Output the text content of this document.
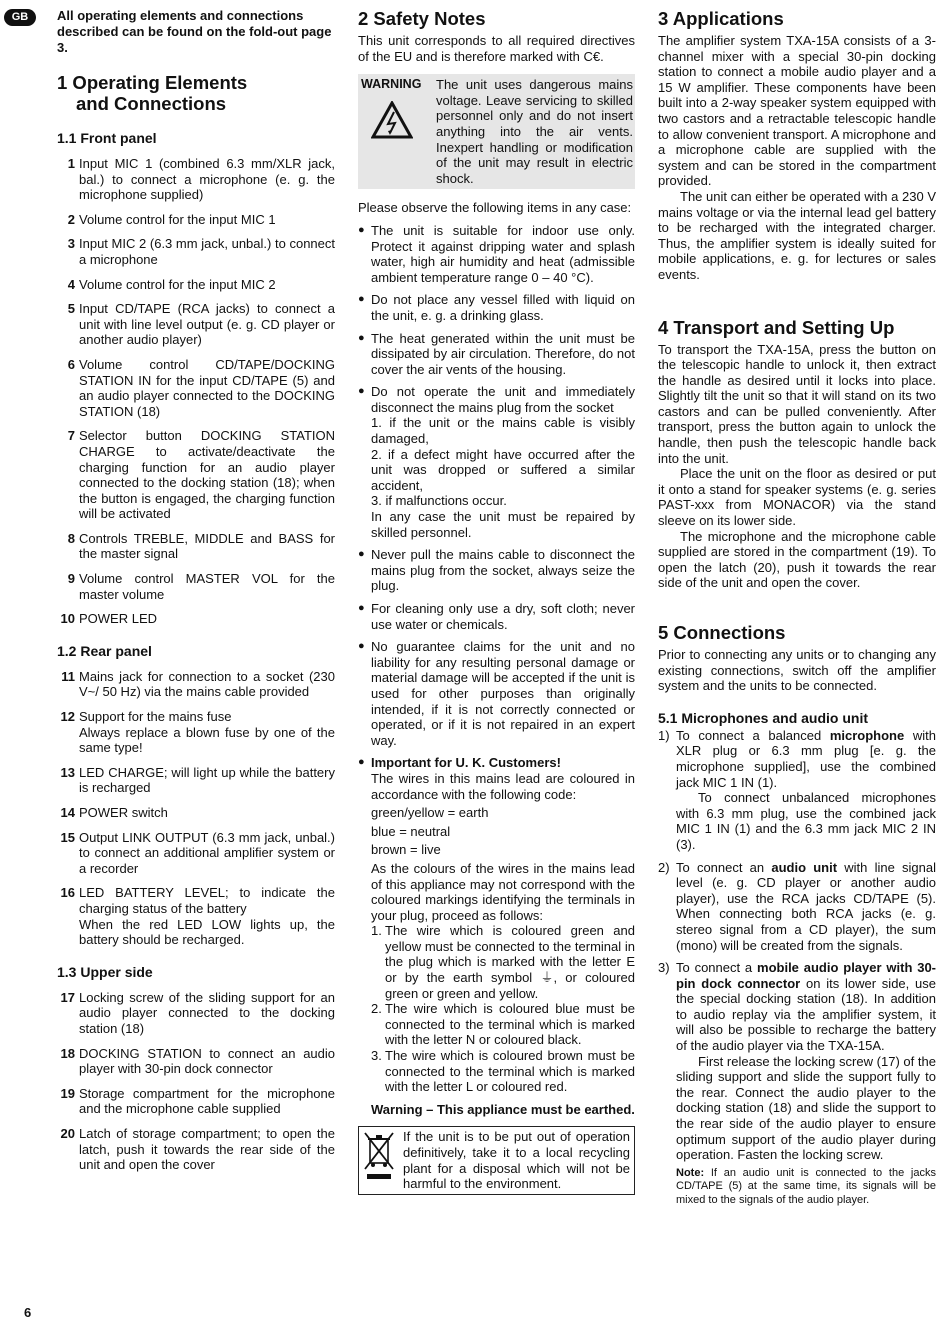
GB	All operating elements and connections described can be found on the fold-out page 3.
1 Operating Elements
and Connections
1.1 Front panel
1 Input MIC 1 (combined 6.3 mm/XLR jack, bal.) to connect a microphone (e. g. the microphone supplied)
2 Volume control for the input MIC 1
3 Input MIC 2 (6.3 mm jack, unbal.) to connect a microphone
4 Volume control for the input MIC 2
5 Input CD/TAPE (RCA jacks) to connect a unit with line level output (e. g. CD player or another audio player)
6 Volume control CD/TAPE/DOCKING STATION IN for the input CD/TAPE (5) and an audio player connected to the DOCKING STATION (18)
7 Selector button DOCKING STATION CHARGE to activate/deactivate the charging function for an audio player connected to the docking station (18); when the button is engaged, the charging function will be activated
8 Controls TREBLE, MIDDLE and BASS for the master signal
9 Volume control MASTER VOL for the master volume
10 POWER LED
1.2 Rear panel
11 Mains jack for connection to a socket (230 V~/ 50 Hz) via the mains cable provided
12 Support for the mains fuse
Always replace a blown fuse by one of the same type!
13 LED CHARGE; will light up while the battery is recharged
14 POWER switch
15 Output LINK OUTPUT (6.3 mm jack, unbal.) to connect an additional amplifier system or a recorder
16 LED BATTERY LEVEL; to indicate the charging status of the battery
When the red LED LOW lights up, the battery should be recharged.
1.3 Upper side
17 Locking screw of the sliding support for an audio player connected to the docking station (18)
18 DOCKING STATION to connect an audio player with 30-pin dock connector
19 Storage compartment for the microphone and the microphone cable supplied
20 Latch of storage compartment; to open the latch, push it towards the rear side of the unit and open the cover
2 Safety Notes

This unit corresponds to all required directives of the EU and is therefore marked with C€.

WARNING	The unit uses dangerous mains voltage. Leave servicing to skilled personnel only and do not insert anything into the air vents. Inexpert handling or modification of the unit may result in electric shock.

Please observe the following items in any case:

● The unit is suitable for indoor use only. Protect it against dripping water and splash water, high air humidity and heat (admissible ambient temperature range 0 – 40 °C).
● Do not place any vessel filled with liquid on the unit, e. g. a drinking glass.
● The heat generated within the unit must be dissipated by air circulation. Therefore, do not cover the air vents of the housing.
● Do not operate the unit and immediately disconnect the mains plug from the socket
1. if the unit or the mains cable is visibly damaged,
2. if a defect might have occurred after the unit was dropped or suffered a similar accident,
3. if malfunctions occur.
In any case the unit must be repaired by skilled personnel.
● Never pull the mains cable to disconnect the mains plug from the socket, always seize the plug.
● For cleaning only use a dry, soft cloth; never use water or chemicals.
● No guarantee claims for the unit and no liability for any resulting personal damage or material damage will be accepted if the unit is used for other purposes than originally intended, if it is not correctly connected or operated, or if it is not repaired in an expert way.
● Important for U. K. Customers!
The wires in this mains lead are coloured in accordance with the following code:
green/yellow = earth
blue = neutral
brown = live
As the colours of the wires in the mains lead of this appliance may not correspond with the coloured markings identifying the terminals in your plug, proceed as follows:
1. The wire which is coloured green and yellow must be connected to the terminal in the plug which is marked with the letter E or by the earth symbol ⏚, or coloured green or green and yellow.
2. The wire which is coloured blue must be connected to the terminal which is marked with the letter N or coloured black.
3. The wire which is coloured brown must be connected to the terminal which is marked with the letter L or coloured red.
Warning – This appliance must be earthed.
If the unit is to be put out of operation definitively, take it to a local recycling plant for a disposal which will not be harmful to the environment.
3 Applications

The amplifier system TXA-15A consists of a 3-channel mixer with a special 30-pin docking station to connect a mobile audio player and a 15 W amplifier. These components have been built into a 2-way speaker system equipped with two castors and a retractable telescopic handle to allow convenient transport. A microphone and a microphone cable are supplied with the system and can be stored in the compartment provided.

The unit can either be operated with a 230 V mains voltage or via the internal lead gel battery to be recharged with the integrated charger. Thus, the amplifier system is ideally suited for mobile applications, e. g. for lectures or sales events.

4 Transport and Setting Up

To transport the TXA-15A, press the button on the telescopic handle to unlock it, then extract the handle as desired until it locks into place. Slightly tilt the unit so that it will stand on its two castors and can be pulled conveniently. After transport, press the button again to unlock the handle, then push the telescopic handle back into the unit.

Place the unit on the floor as desired or put it onto a stand for speaker systems (e. g. series PAST-xxx from MONACOR) via the stand sleeve on its lower side.

The microphone and the microphone cable supplied are stored in the compartment (19). To open the latch (20), push it towards the rear side of the unit and open the cover.

5 Connections

Prior to connecting any units or to changing any existing connections, switch off the amplifier system and the units to be connected.

5.1 Microphones and audio unit
1) To connect a balanced microphone with XLR plug or 6.3 mm plug [e. g. the microphone supplied], use the combined jack MIC 1 IN (1).
To connect unbalanced microphones with 6.3 mm plug, use the combined jack MIC 1 IN (1) and the 6.3 mm jack MIC 2 IN (3).
2) To connect an audio unit with line signal level (e. g. CD player or another audio player), use the RCA jacks CD/TAPE (5). When connecting both RCA jacks (e. g. stereo signal from a CD player), the sum (mono) will be created from the signals.
3) To connect a mobile audio player with 30-pin dock connector on its lower side, use the special docking station (18). In addition to audio replay via the amplifier system, it will also be possible to recharge the battery of the audio player via the TXA-15A.
First release the locking screw (17) of the sliding support and slide the support fully to the rear. Connect the audio player to the docking station (18) and slide the support to the rear side of the audio player to ensure optimum support of the audio player during operation. Fasten the locking screw.
Note: If an audio unit is connected to the jacks CD/TAPE (5) at the same time, its signals will be mixed to the signals of the audio player.
6
